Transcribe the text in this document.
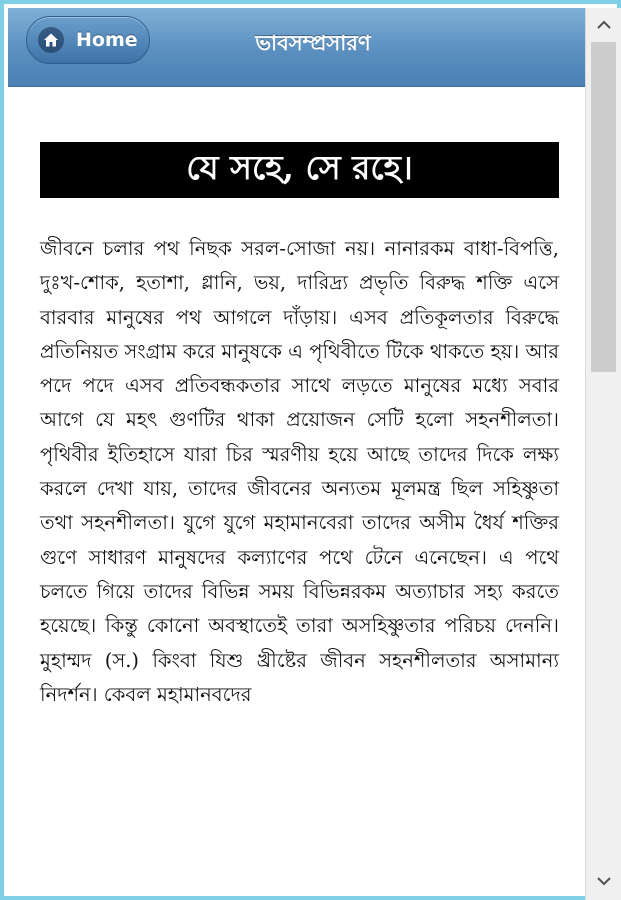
Home	ভাবসম্প্রসারণ
যে সহে, সে রহে।
জীবনে চলার পথ নিছক সরল-সোজা নয়। নানারকম বাধা-বিপত্তি, দুঃখ-শোক, হতাশা, গ্লানি, ভয়, দারিদ্র্য প্রভৃতি বিরুদ্ধ শক্তি এসে বারবার মানুষের পথ আগলে দাঁড়ায়। এসব প্রতিকূলতার বিরুদ্ধে প্রতিনিয়ত সংগ্রাম করে মানুষকে এ পৃথিবীতে টিকে থাকতে হয়। আর পদে পদে এসব প্রতিবন্ধকতার সাথে লড়তে মানুষের মধ্যে সবার আগে যে মহৎ গুণটির থাকা প্রয়োজন সেটি হলো সহনশীলতা। পৃথিবীর ইতিহাসে যারা চির স্মরণীয় হয়ে আছে তাদের দিকে লক্ষ্য করলে দেখা যায়, তাদের জীবনের অন্যতম মূলমন্ত্র ছিল সহিষ্ণুতা তথা সহনশীলতা। যুগে যুগে মহামানবেরা তাদের অসীম ধৈর্য শক্তির গুণে সাধারণ মানুষদের কল্যাণের পথে টেনে এনেছেন। এ পথে চলতে গিয়ে তাদের বিভিন্ন সময় বিভিন্নরকম অত্যাচার সহ্য করতে হয়েছে। কিন্তু কোনো অবস্থাতেই তারা অসহিষ্ণুতার পরিচয় দেননি। মুহাম্মদ (স.) কিংবা যিশু খ্রীষ্টের জীবন সহনশীলতার অসামান্য নিদর্শন। কেবল মহামানবদের
